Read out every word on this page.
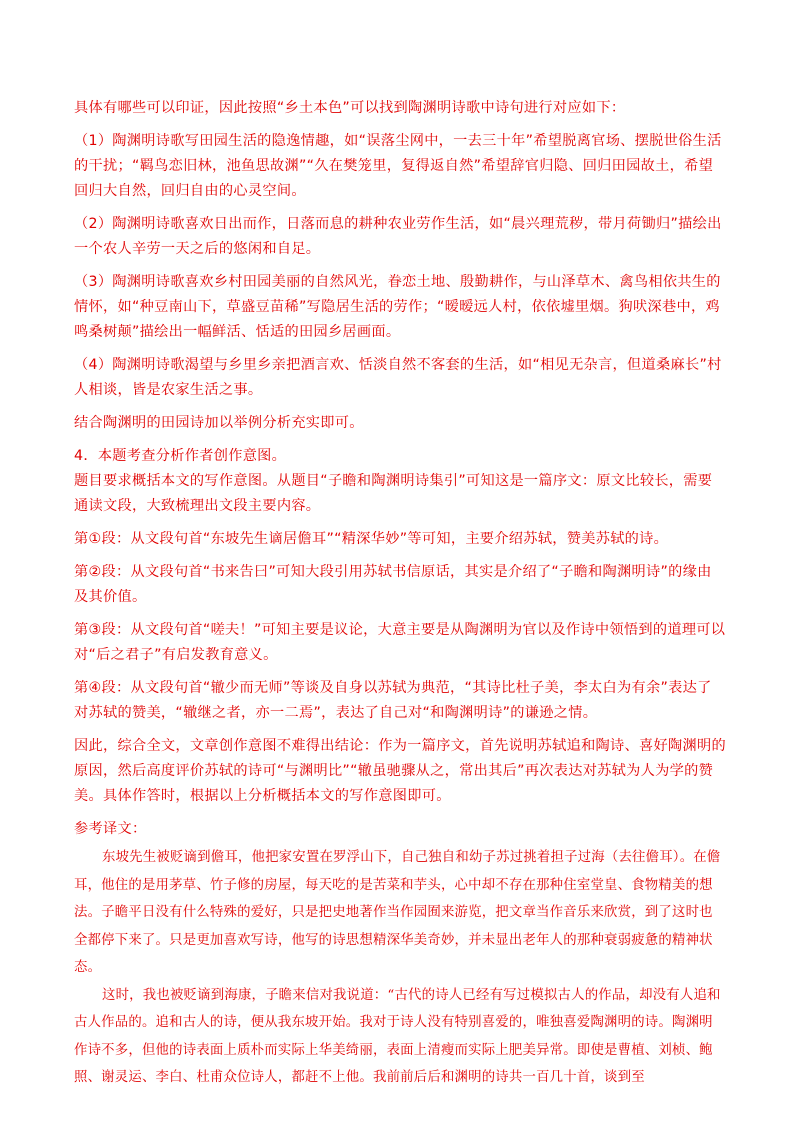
具体有哪些可以印证，因此按照“乡土本色”可以找到陶渊明诗歌中诗句进行对应如下：

（1）陶渊明诗歌写田园生活的隐逸情趣，如“误落尘网中，一去三十年”希望脱离官场、摆脱世俗生活的干扰；“羁鸟恋旧林，池鱼思故渊”“久在樊笼里，复得返自然”希望辞官归隐、回归田园故土，希望回归大自然，回归自由的心灵空间。

（2）陶渊明诗歌喜欢日出而作，日落而息的耕种农业劳作生活，如“晨兴理荒秽，带月荷锄归”描绘出一个农人辛劳一天之后的悠闲和自足。

（3）陶渊明诗歌喜欢乡村田园美丽的自然风光，眷恋土地、殷勤耕作，与山泽草木、禽鸟相依共生的情怀，如“种豆南山下，草盛豆苗稀”写隐居生活的劳作；“暧暧远人村，依依墟里烟。狗吠深巷中，鸡鸣桑树颠”描绘出一幅鲜活、恬适的田园乡居画面。

（4）陶渊明诗歌渴望与乡里乡亲把酒言欢、恬淡自然不客套的生活，如“相见无杂言，但道桑麻长”村人相谈，皆是农家生活之事。

结合陶渊明的田园诗加以举例分析充实即可。

4．本题考查分析作者创作意图。

题目要求概括本文的写作意图。从题目“子瞻和陶渊明诗集引”可知这是一篇序文：原文比较长，需要通读文段，大致梳理出文段主要内容。

第①段：从文段句首“东坡先生谪居儋耳”“精深华妙”等可知，主要介绍苏轼，赞美苏轼的诗。

第②段：从文段句首“书来告曰”可知大段引用苏轼书信原话，其实是介绍了“子瞻和陶渊明诗”的缘由及其价值。

第③段：从文段句首“嗟夫！”可知主要是议论，大意主要是从陶渊明为官以及作诗中领悟到的道理可以对“后之君子”有启发教育意义。

第④段：从文段句首“辙少而无师”等谈及自身以苏轼为典范，“其诗比杜子美，李太白为有余”表达了对苏轼的赞美，“辙继之者，亦一二焉”，表达了自己对“和陶渊明诗”的谦逊之情。

因此，综合全文，文章创作意图不难得出结论：作为一篇序文，首先说明苏轼追和陶诗、喜好陶渊明的原因，然后高度评价苏轼的诗可“与渊明比”“辙虽驰骤从之，常出其后”再次表达对苏轼为人为学的赞美。具体作答时，根据以上分析概括本文的写作意图即可。

参考译文：

东坡先生被贬谪到儋耳，他把家安置在罗浮山下，自己独自和幼子苏过挑着担子过海（去往儋耳）。在儋耳，他住的是用茅草、竹子修的房屋，每天吃的是苦菜和芋头，心中却不存在那种住室堂皇、食物精美的想法。子瞻平日没有什么特殊的爱好，只是把史地著作当作园囿来游览，把文章当作音乐来欣赏，到了这时也全都停下来了。只是更加喜欢写诗，他写的诗思想精深华美奇妙，并未显出老年人的那种衰弱疲惫的精神状态。

这时，我也被贬谪到海康，子瞻来信对我说道：“古代的诗人已经有写过模拟古人的作品，却没有人追和古人作品的。追和古人的诗，便从我东坡开始。我对于诗人没有特别喜爱的，唯独喜爱陶渊明的诗。陶渊明作诗不多，但他的诗表面上质朴而实际上华美绮丽，表面上清瘦而实际上肥美异常。即使是曹植、刘桢、鲍照、谢灵运、李白、杜甫众位诗人，都赶不上他。我前前后后和渊明的诗共一百几十首，谈到至
